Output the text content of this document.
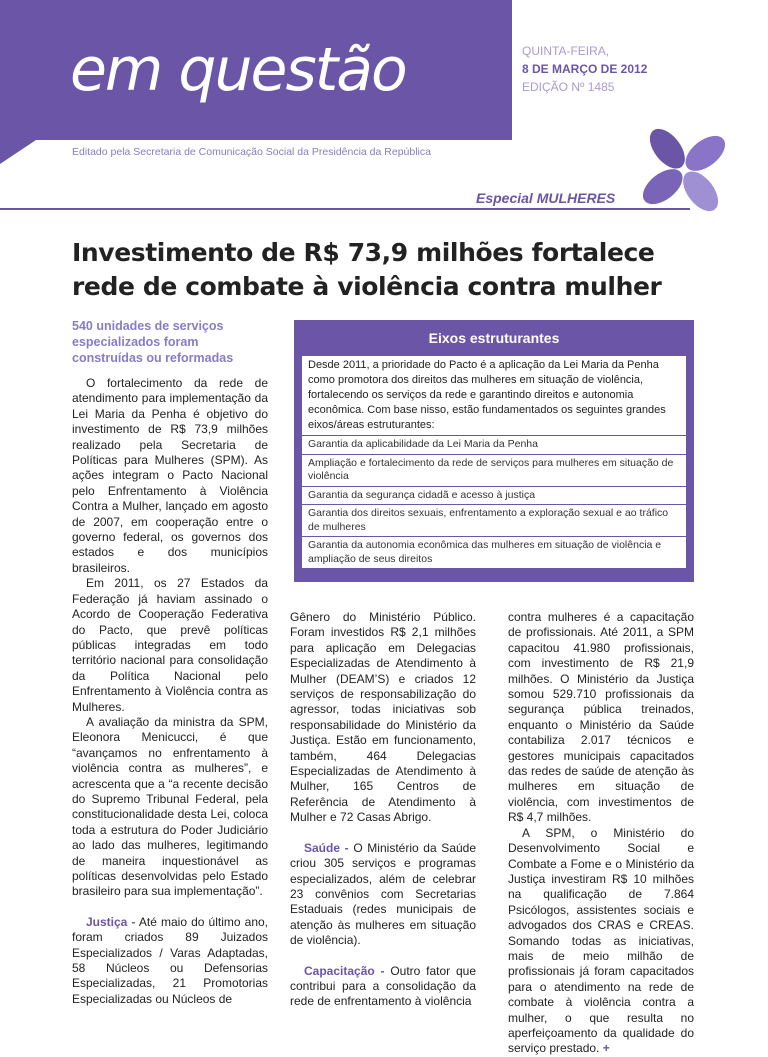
em questão	QUINTA-FEIRA,
8 DE MARÇO DE 2012
EDIÇÃO Nº 1485
Editado pela Secretaria de Comunicação Social da Presidência da República
Especial MULHERES
Investimento de R$ 73,9 milhões fortalece
rede de combate à violência contra mulher
540 unidades de serviços especializados foram construídas ou reformadas
Eixos estruturantes
Desde 2011, a prioridade do Pacto é a aplicação da Lei Maria da Penha como promotora dos direitos das mulheres em situação de violência, fortalecendo os serviços da rede e garantindo direitos e autonomia econômica. Com base nisso, estão fundamentados os seguintes grandes eixos/áreas estruturantes:
Garantia da aplicabilidade da Lei Maria da Penha
Ampliação e fortalecimento da rede de serviços para mulheres em situação de violência
Garantia da segurança cidadã e acesso à justiça
Garantia dos direitos sexuais, enfrentamento a exploração sexual e ao tráfico de mulheres
Garantia da autonomia econômica das mulheres em situação de violência e ampliação de seus direitos

O fortalecimento da rede de atendimento para implementação da Lei Maria da Penha é objetivo do investimento de R$ 73,9 milhões realizado pela Secretaria de Políticas para Mulheres (SPM). As ações integram o Pacto Nacional pelo Enfrentamento à Violência Contra a Mulher, lançado em agosto de 2007, em cooperação entre o governo federal, os governos dos estados e dos municípios brasileiros.

Em 2011, os 27 Estados da Federação já haviam assinado o Acordo de Cooperação Federativa do Pacto, que prevê políticas públicas integradas em todo território nacional para consolidação da Política Nacional pelo Enfrentamento à Violência contra as Mulheres.

A avaliação da ministra da SPM, Eleonora Menicucci, é que “avançamos no enfrentamento à violência contra as mulheres”, e acrescenta que a “a recente decisão do Supremo Tribunal Federal, pela constitucionalidade desta Lei, coloca toda a estrutura do Poder Judiciário ao lado das mulheres, legitimando de maneira inquestionável as políticas desenvolvidas pelo Estado brasileiro para sua implementação”.

Justiça - Até maio do último ano, foram criados 89 Juizados Especializados / Varas Adaptadas, 58 Núcleos ou Defensorias Especializadas, 21 Promotorias Especializadas ou Núcleos de

Gênero do Ministério Público. Foram investidos R$ 2,1 milhões para aplicação em Delegacias Especializadas de Atendimento à Mulher (DEAM’S) e criados 12 serviços de responsabilização do agressor, todas iniciativas sob responsabilidade do Ministério da Justiça. Estão em funcionamento, também, 464 Delegacias Especializadas de Atendimento à Mulher, 165 Centros de Referência de Atendimento à Mulher e 72 Casas Abrigo.

Saúde - O Ministério da Saúde criou 305 serviços e programas especializados, além de celebrar 23 convênios com Secretarias Estaduais (redes municipais de atenção às mulheres em situação de violência).

Capacitação - Outro fator que contribui para a consolidação da rede de enfrentamento à violência

contra mulheres é a capacitação de profissionais. Até 2011, a SPM capacitou 41.980 profissionais, com investimento de R$ 21,9 milhões. O Ministério da Justiça somou 529.710 profissionais da segurança pública treinados, enquanto o Ministério da Saúde contabiliza 2.017 técnicos e gestores municipais capacitados das redes de saúde de atenção às mulheres em situação de violência, com investimentos de R$ 4,7 milhões.

A SPM, o Ministério do Desenvolvimento Social e Combate a Fome e o Ministério da Justiça investiram R$ 10 milhões na qualificação de 7.864 Psicólogos, assistentes sociais e advogados dos CRAS e CREAS. Somando todas as iniciativas, mais de meio milhão de profissionais já foram capacitados para o atendimento na rede de combate à violência contra a mulher, o que resulta no aperfeiçoamento da qualidade do serviço prestado. +
